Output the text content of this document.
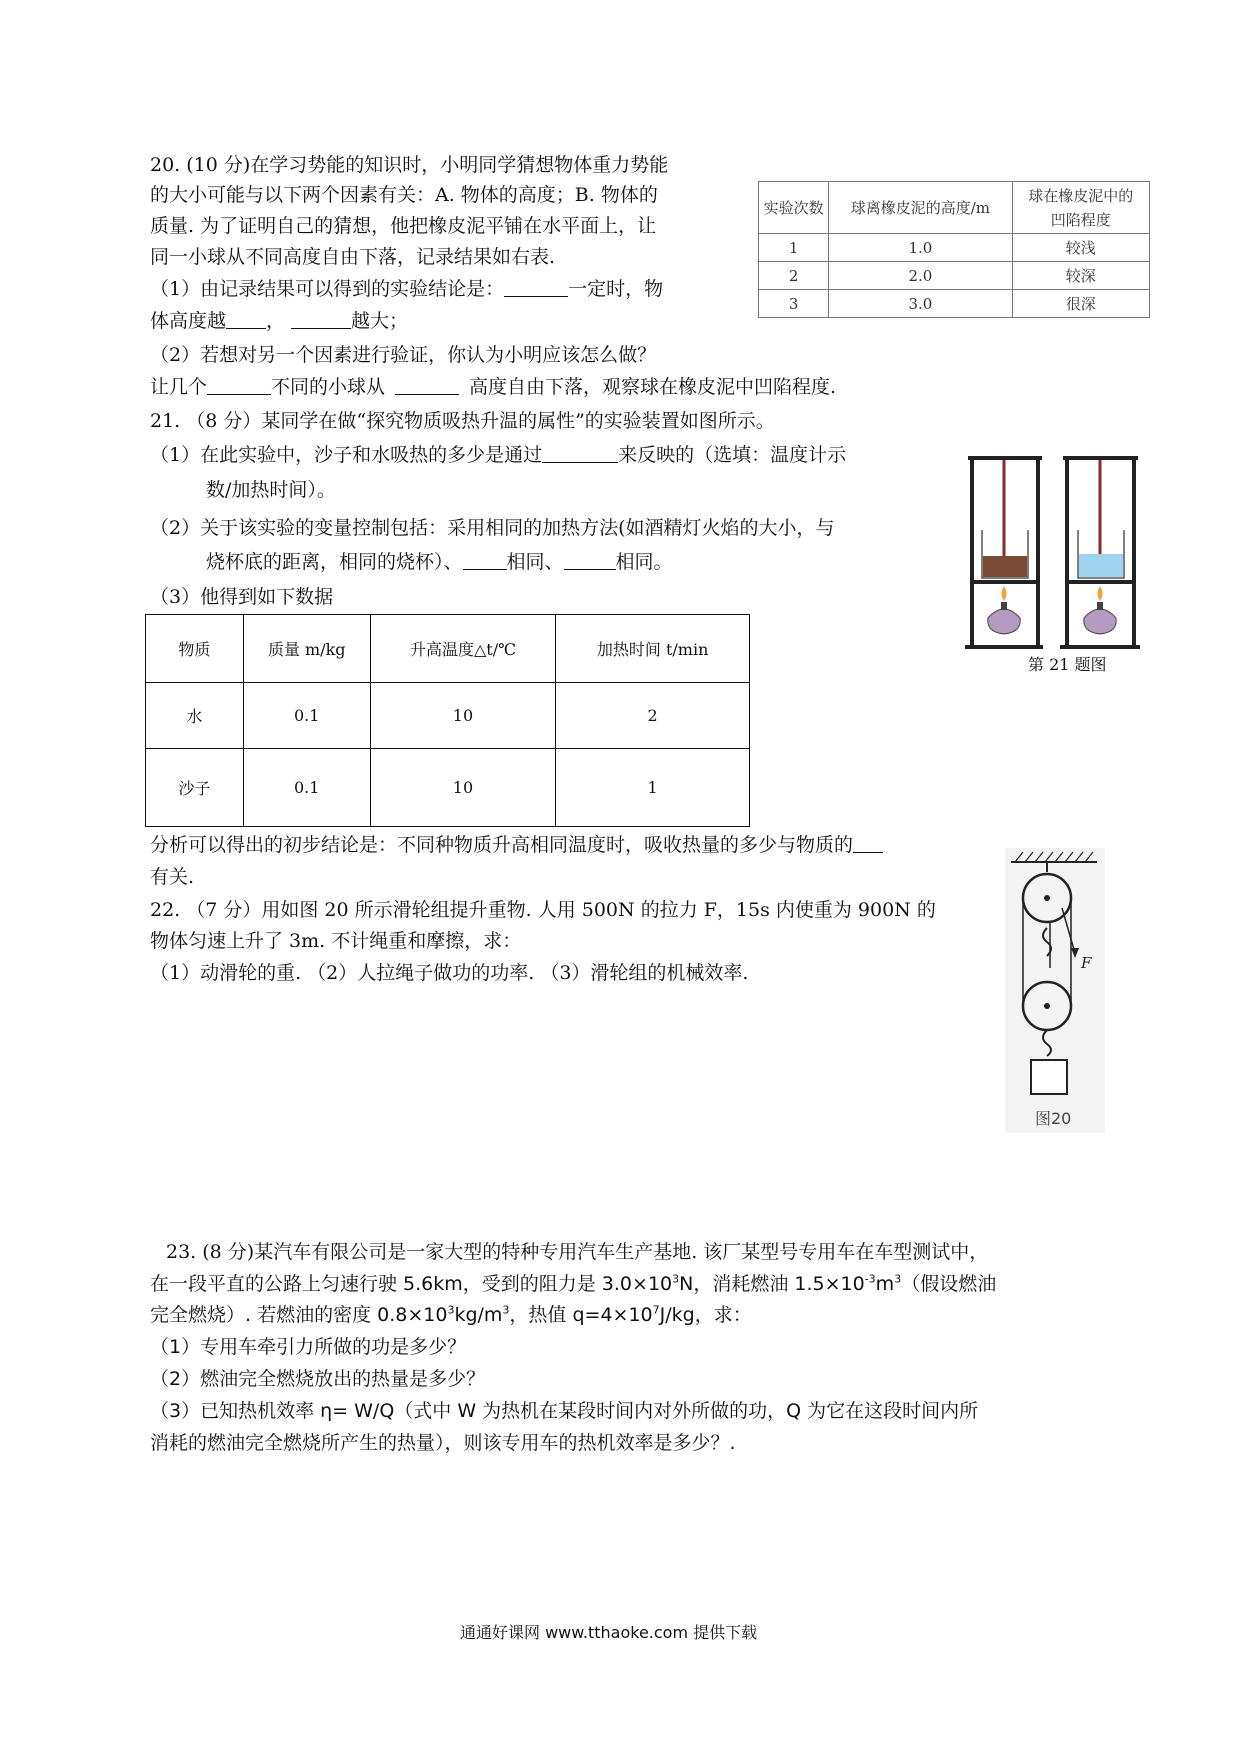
20. (10 分)在学习势能的知识时，小明同学猜想物体重力势能
的大小可能与以下两个因素有关：A. 物体的高度；B. 物体的
质量. 为了证明自己的猜想，他把橡皮泥平铺在水平面上，让
同一小球从不同高度自由下落，记录结果如右表.
（1）由记录结果可以得到的实验结论是：	一定时，物
体高度越 ，	越大；
（2）若想对另一个因素进行验证，你认为小明应该怎么做？
让几个	不同的小球从	高度自由下落，观察球在橡皮泥中凹陷程度.
实验次数	球离橡皮泥的高度/m	球在橡皮泥中的凹陷程度
1	1.0	较浅
2	2.0	较深
3	3.0	很深
21. （8 分）某同学在做“探究物质吸热升温的属性”的实验装置如图所示。
（1）在此实验中，沙子和水吸热的多少是通过	来反映的（选填：温度计示
数/加热时间）。
（2）关于该实验的变量控制包括：采用相同的加热方法(如酒精灯火焰的大小，与
烧杯底的距离，相同的烧杯）、 相同、	相同。
（3）他得到如下数据
物质	质量 m/kg	升高温度△t/℃	加热时间 t/min
水	0.1	10	2
沙子	0.1	10	1
分析可以得出的初步结论是：不同种物质升高相同温度时，吸收热量的多少与物质的
有关.
第 21 题图
22. （7 分）用如图 20 所示滑轮组提升重物. 人用 500N 的拉力 F，15s 内使重为 900N 的
物体匀速上升了 3m. 不计绳重和摩擦，求：
（1）动滑轮的重. （2）人拉绳子做功的功率. （3）滑轮组的机械效率.	F
图20
23. (8 分)某汽车有限公司是一家大型的特种专用汽车生产基地. 该厂某型号专用车在车型测试中，
在一段平直的公路上匀速行驶 5.6km，受到的阻力是 $3.0\times 10^3N$，消耗燃油 $1.5\times 10^{-3}m^3$（假设燃油
完全燃烧）. 若燃油的密度 $0.8\times 10^3kg/m^3$，热值 $q=4\times 10^7J/kg$，求：
（1）专用车牵引力所做的功是多少？
（2）燃油完全燃烧放出的热量是多少？
（3）已知热机效率 η= W/Q（式中 W 为热机在某段时间内对外所做的功，Q 为它在这段时间内所
消耗的燃油完全燃烧所产生的热量），则该专用车的热机效率是多少？.
通通好课网 www.tthaoke.com 提供下载
